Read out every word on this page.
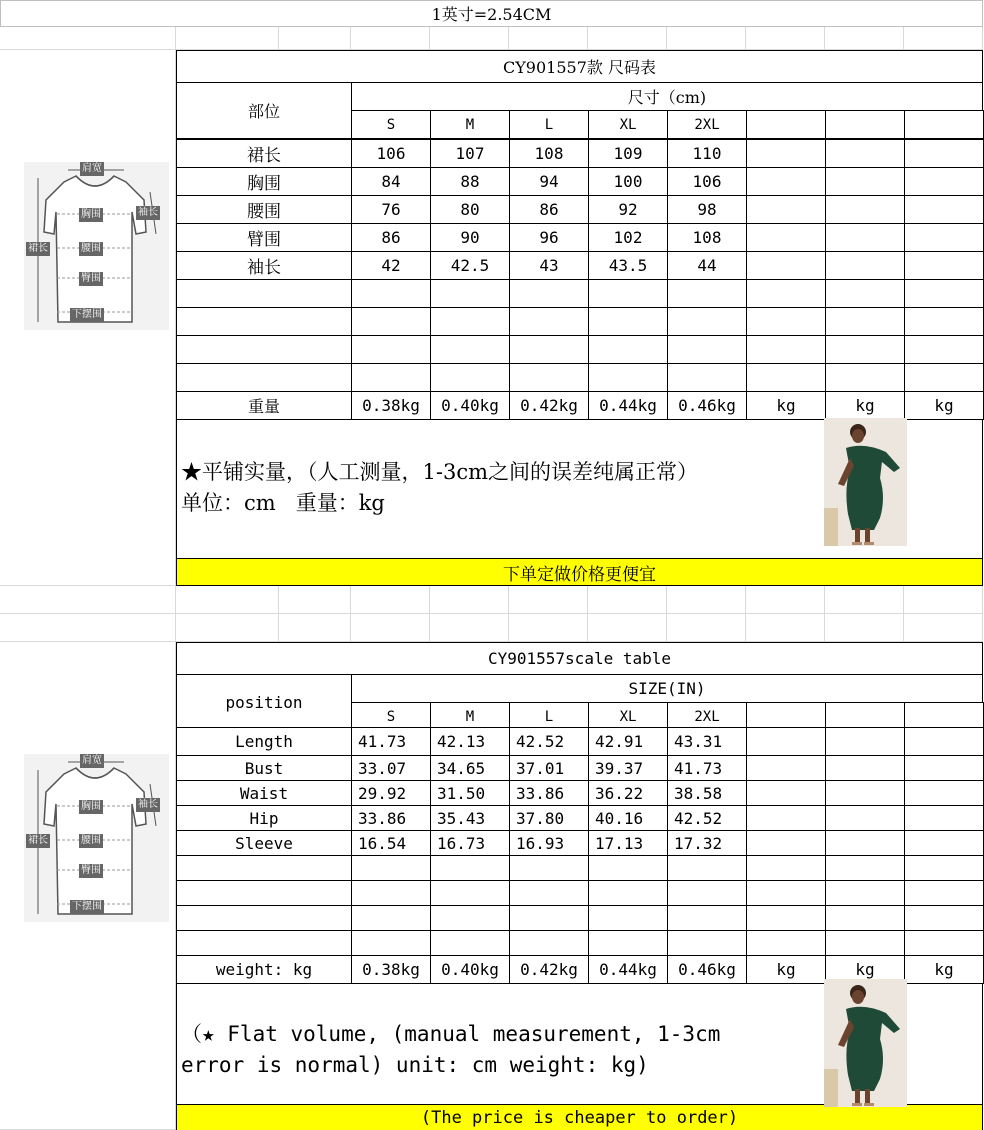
1英寸=2.54CM
CY901557款 尺码表
部位
尺寸（cm)
S	M	L	XL	2XL
裙长	106	107	108	109	110
胸围	84	88	94	100	106
腰围	76	80	86	92	98
臂围	86	90	96	102	108
袖长	42	42.5	43	43.5	44
重量	0.38kg	0.40kg	0.42kg	0.44kg	0.46kg	kg	kg	kg
★平铺实量，（人工测量，1-3cm之间的误差纯属正常）
单位：cm   重量：kg
下单定做价格更便宜
CY901557scale table
position
SIZE(IN)
S	M	L	XL	2XL
Length	41.73	42.13	42.52	42.91	43.31
Bust	33.07	34.65	37.01	39.37	41.73
Waist	29.92	31.50	33.86	36.22	38.58
Hip	33.86	35.43	37.80	40.16	42.52
Sleeve	16.54	16.73	16.93	17.13	17.32
weight: kg	0.38kg	0.40kg	0.42kg	0.44kg	0.46kg	kg	kg	kg
（★ Flat volume, (manual measurement, 1-3cm
error is normal) unit: cm weight: kg)
(The price is cheaper to order)
肩宽
袖长
胸围
裙长	腰围
臀围
下摆围
肩宽
袖长
胸围
裙长	腰围
臀围
下摆围
